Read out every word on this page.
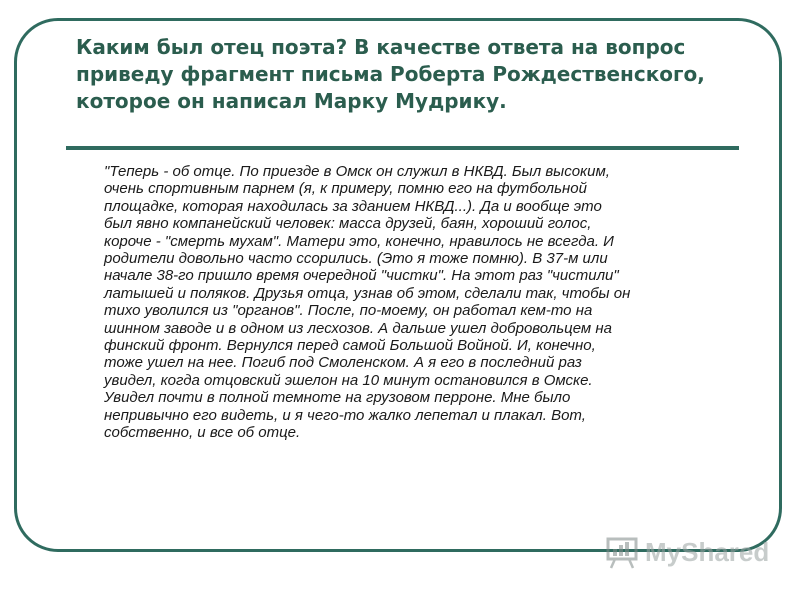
Каким был отец поэта? В качестве ответа на вопрос приведу фрагмент письма Роберта Рождественского, которое он написал Марку Мудрику.
"Теперь - об отце. По приезде в Омск он служил в НКВД. Был высоким,
очень спортивным парнем (я, к примеру, помню его на футбольной
площадке, которая находилась за зданием НКВД...). Да и вообще это
был явно компанейский человек: масса друзей, баян, хороший голос,
короче - "смерть мухам". Матери это, конечно, нравилось не всегда. И
родители довольно часто ссорились. (Это я тоже помню). В 37-м или
начале 38-го пришло время очередной "чистки". На этот раз "чистили"
латышей и поляков. Друзья отца, узнав об этом, сделали так, чтобы он
тихо уволился из "органов". После, по-моему, он работал кем-то на
шинном заводе и в одном из лесхозов. А дальше ушел добровольцем на
финский фронт. Вернулся перед самой Большой Войной. И, конечно,
тоже ушел на нее. Погиб под Смоленском. А я его в последний раз
увидел, когда отцовский эшелон на 10 минут остановился в Омске.
Увидел почти в полной темноте на грузовом перроне. Мне было
непривычно его видеть, и я чего-то жалко лепетал и плакал. Вот,
собственно, и все об отце.
MyShared
